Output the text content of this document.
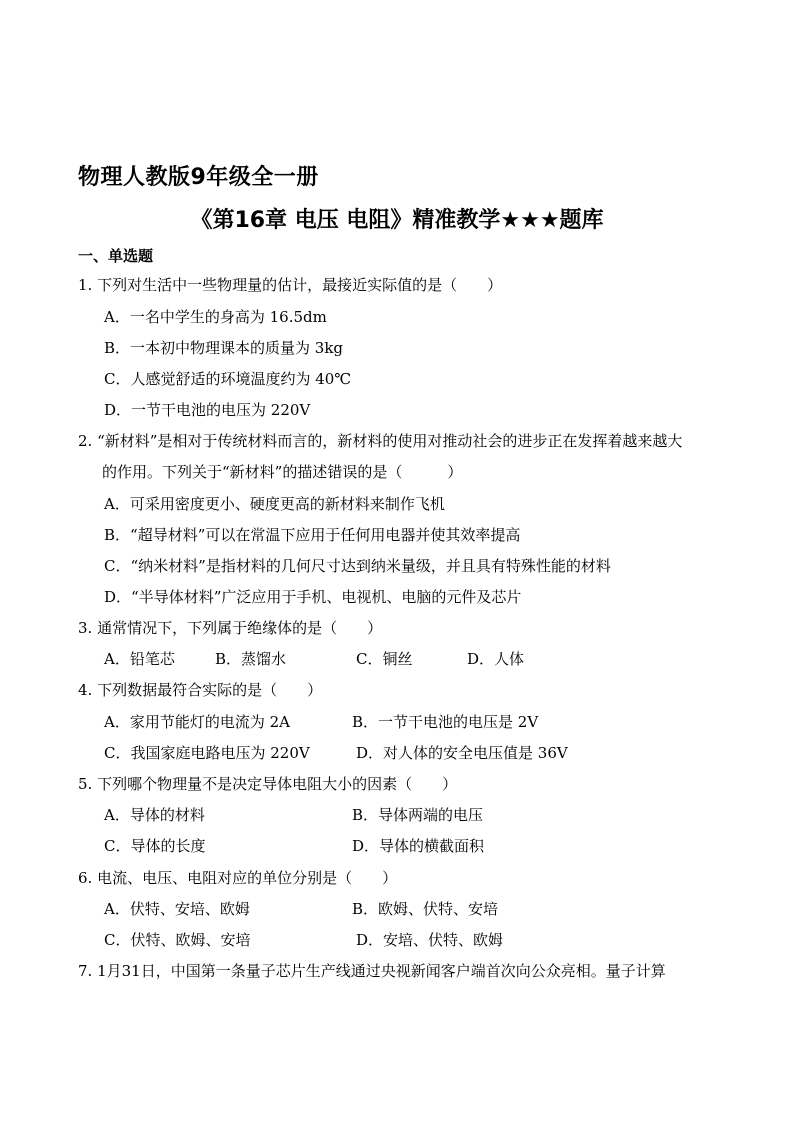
物理人教版9年级全一册
《第16章 电压 电阻》精准教学★★★题库
一、单选题
1. 下列对生活中一些物理量的估计，最接近实际值的是（　　）
A．一名中学生的身高为 16.5dm
B．一本初中物理课本的质量为 3kg
C．人感觉舒适的环境温度约为 40℃
D．一节干电池的电压为 220V
2. “新材料”是相对于传统材料而言的，新材料的使用对推动社会的进步正在发挥着越来越大
的作用。下列关于“新材料”的描述错误的是（　　　）
A．可采用密度更小、硬度更高的新材料来制作飞机
B．“超导材料”可以在常温下应用于任何用电器并使其效率提高
C．“纳米材料”是指材料的几何尺寸达到纳米量级，并且具有特殊性能的材料
D．“半导体材料”广泛应用于手机、电视机、电脑的元件及芯片
3. 通常情况下，下列属于绝缘体的是（　　）
A．铅笔芯	B．蒸馏水	C．铜丝	D．人体
4. 下列数据最符合实际的是（　　）
A．家用节能灯的电流为 2A	B．一节干电池的电压是 2V
C．我国家庭电路电压为 220V	D．对人体的安全电压值是 36V
5. 下列哪个物理量不是决定导体电阻大小的因素（　　）
A．导体的材料	B．导体两端的电压
C．导体的长度	D．导体的横截面积
6. 电流、电压、电阻对应的单位分别是（　　）
A．伏特、安培、欧姆	B．欧姆、伏特、安培
C．伏特、欧姆、安培	D．安培、伏特、欧姆
7. 1月31日，中国第一条量子芯片生产线通过央视新闻客户端首次向公众亮相。量子计算
